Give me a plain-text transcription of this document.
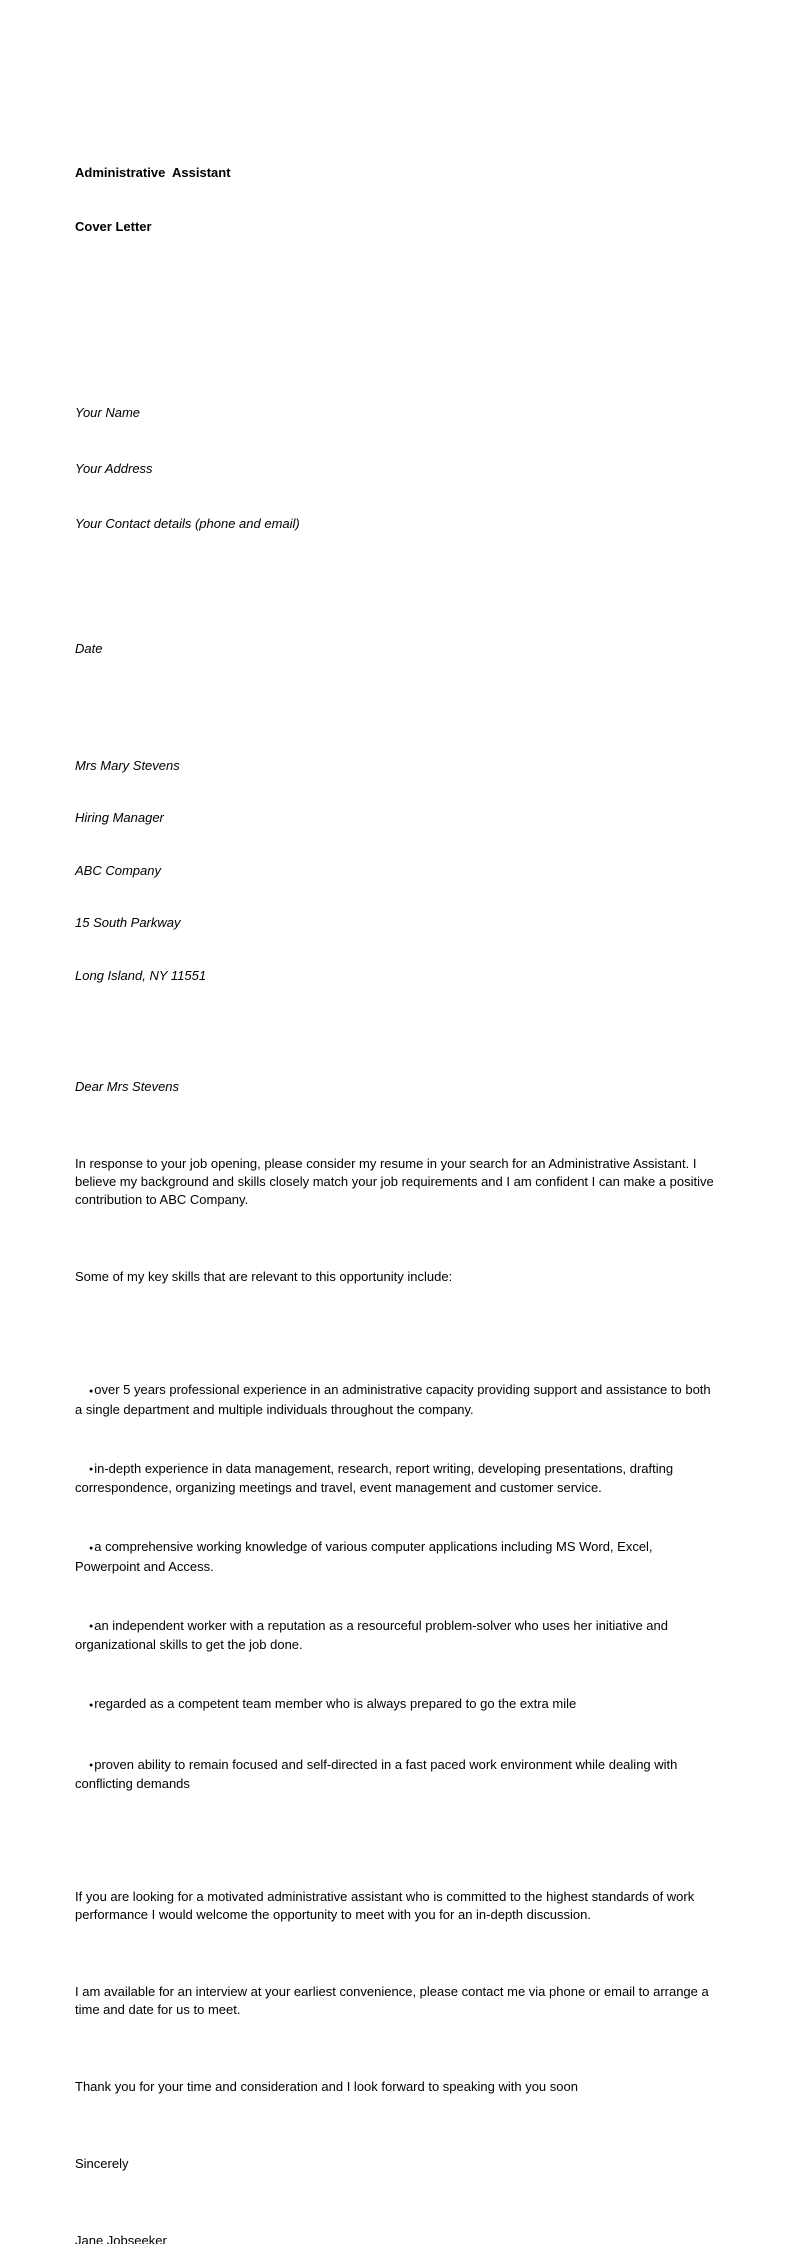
Administrative  Assistant

Cover Letter

Your Name

Your Address

Your Contact details (phone and email)

Date

Mrs Mary Stevens

Hiring Manager

ABC Company

15 South Parkway

Long Island, NY 11551

Dear Mrs Stevens

In response to your job opening, please consider my resume in your search for an Administrative Assistant. I believe my background and skills closely match your job requirements and I am confident I can make a positive contribution to ABC Company.

Some of my key skills that are relevant to this opportunity include:

●over 5 years professional experience in an administrative capacity providing support and assistance to both a single department and multiple individuals throughout the company.

●in-depth experience in data management, research, report writing, developing presentations, drafting correspondence, organizing meetings and travel, event management and customer service.

●a comprehensive working knowledge of various computer applications including MS Word, Excel, Powerpoint and Access.

●an independent worker with a reputation as a resourceful problem-solver who uses her initiative and organizational skills to get the job done.

●regarded as a competent team member who is always prepared to go the extra mile

●proven ability to remain focused and self-directed in a fast paced work environment while dealing with conflicting demands

If you are looking for a motivated administrative assistant who is committed to the highest standards of work performance I would welcome the opportunity to meet with you for an in-depth discussion.

I am available for an interview at your earliest convenience, please contact me via phone or email to arrange a time and date for us to meet.

Thank you for your time and consideration and I look forward to speaking with you soon

Sincerely

Jane Jobseeker
